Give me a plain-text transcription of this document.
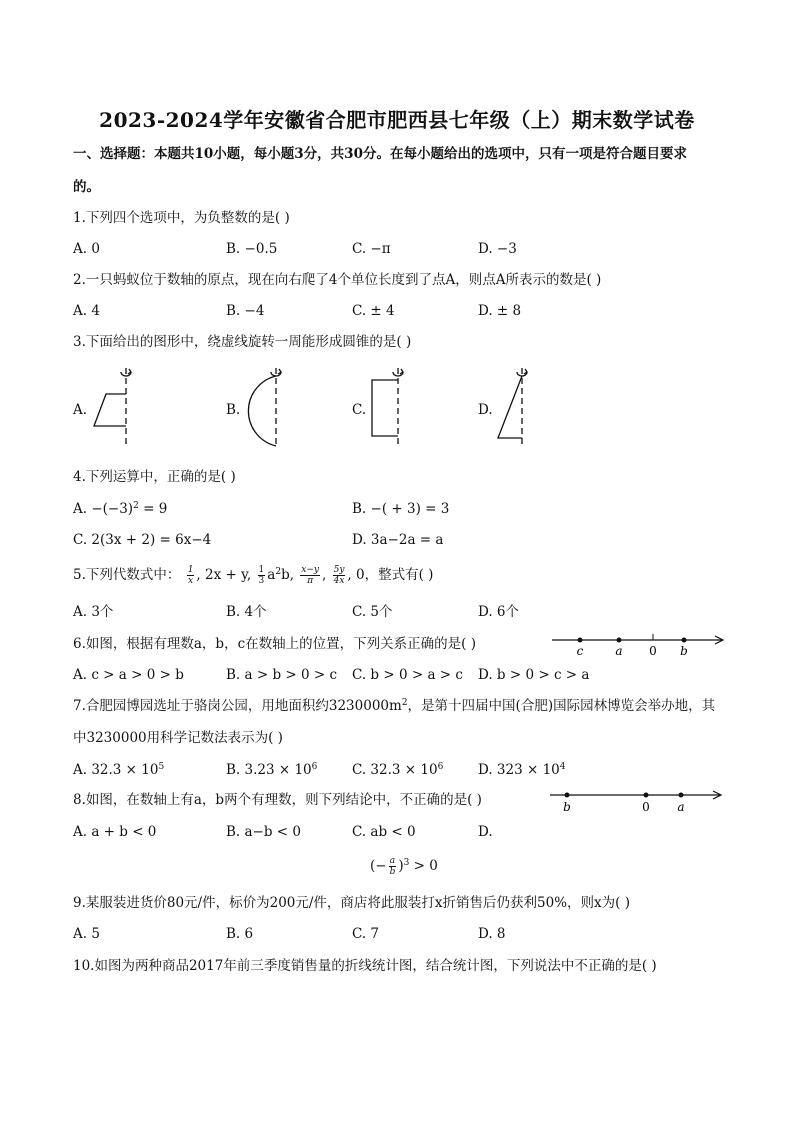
2023-2024学年安徽省合肥市肥西县七年级（上）期末数学试卷
一、选择题：本题共10小题，每小题3分，共30分。在每小题给出的选项中，只有一项是符合题目要求
的。
1.下列四个选项中，为负整数的是( )
A. 0	B. −0.5	C. −π	D. −3
2.一只蚂蚁位于数轴的原点，现在向右爬了4个单位长度到了点A，则点A所表示的数是( )
A. 4	B. −4	C. ± 4	D. ± 8
3.下面给出的图形中，绕虚线旋转一周能形成圆锥的是( )
A.	B.	C.	D.
4.下列运算中，正确的是( )
A. $-(-3)^2 = 9$	B. −( + 3) = 3
C. 2(3x + 2) = 6x−4	D. 3a−2a = a
5.下列代数式中： $\frac{1}{x}$ , 2x + y, $\frac{1}{3} a^2b$, $\frac{x-y}{\pi}$ , $\frac{5y}{4x}$ , 0，整式有( )
A. 3个	B. 4个	C. 5个	D. 6个
6.如图，根据有理数a，b，c在数轴上的位置，下列关系正确的是( )	c	a 0 b
A. c > a > 0 > b	B. a > b > 0 > c C. b > 0 > a > c D. b > 0 > c > a
7.合肥园博园选址于骆岗公园，用地面积约$3230000m^2$，是第十四届中国(合肥)国际园林博览会举办地，其
中3230000用科学记数法表示为( )
A. $32.3 \times 10^5$	B. $3.23 \times 10^6$	C. $32.3 \times 10^6$	D. $323 \times 10^4$
8.如图，在数轴上有a，b两个有理数，则下列结论中，不正确的是( )	b	0 a
A. a + b < 0	B. a−b < 0	C. ab < 0	D.
(− $\frac{a}{b} )^3 > 0$
9.某服装进货价80元/件，标价为200元/件，商店将此服装打x折销售后仍获利50%，则x为( )
A. 5	B. 6	C. 7	D. 8
10.如图为两种商品2017年前三季度销售量的折线统计图，结合统计图，下列说法中不正确的是( )
